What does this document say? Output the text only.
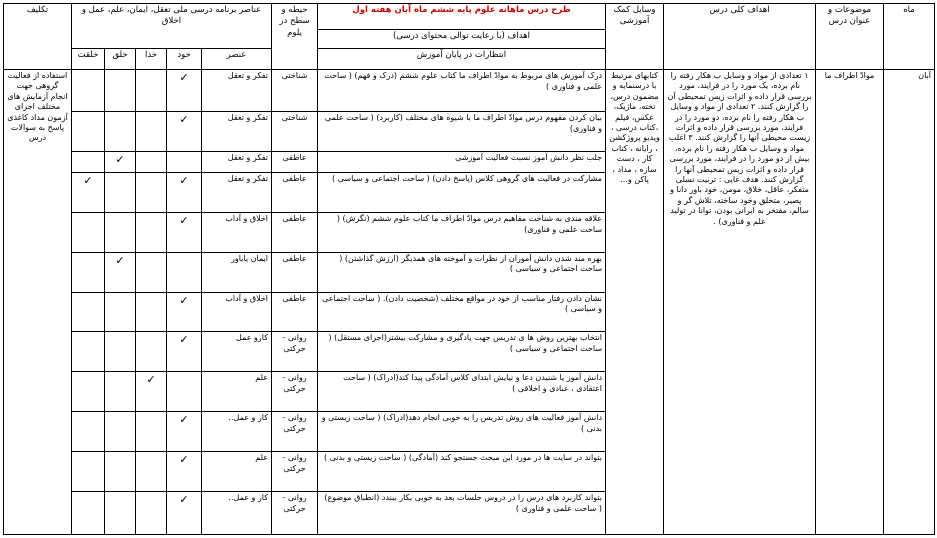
ماه	موضوعات و عنوان درس	اهداف کلی درس	وسایل کمک آموزشی	طرح درس ماهانه علوم پایه ششم ماه آبان هفته اول	حیطه و سطح در یلوم	عناصر برنامه درسی ملی تعقل، ایمان، علم، عمل و اخلاق					تکلیف
				اهداف (با رعایت توالی محتوای درسی)							
				انتظارات در پایان آموزش		عنصر	خود	خدا	خلق	خلقت	
آبان	موادّ اطراف ما	۱ تعدادی از مواد و وسایل ب هکار رفته را نام برده، یک مورد را در فرایند، مورد بررسی قرار داده و اثرات زیس تمحیطی آن را گزارش کنند. ۲ تعدادی از مواد و وسایل ب هکار رفته را نام برده، دو مورد را در فرایند، مورد بررسی قرار داده و اثرات زیست محیطی آنها را گزارش کنند. ۳ اغلب مواد و وسایل ب هکار رفته را نام برده، بیش از دو مورد را در فرایند، مورد بررسی قرار داده و اثرات زیس تمحیطی آنها را گزارش کنند. هدف غایی : تربیت نسلی متفکر، عاقل، خلاق، مومن، خود باور دانا و پصیر، متخلق وخود ساخته، تلاش گر و سالم، مفتخر به ایرانی بودن، توانا در تولید علم و فناوری) .	کتابهای مرتبط با درسنمایه و مضمون درس، تخته، ماژیک، عکس، فیلم ،کتاب درسی ، ویدیو پروژکشن ، رایانه ، کتاب کار ، دست سازه ، مداد ، پاکن و...	درک آموزش های مربوط به موادّ اطراف ما کتاب علوم ششم (درک و فهم) ( ساحت علمی و فناوری )	شناختی	تفکر و تعقل	✓				استفاده از فعالیت گروهی جهت انجام آزمایش های مختلف اجرای آزمون مداد کاغذی پاسخ به سوالات درس
				بیان کردن مفهوم درس موادّ اطراف ما با شیوه های مختلف (کاربرد) ( ساحت علمی و فناوری)	شناختی	تفکر و تعقل	✓				
				جلب نظر دانش آموز نسبت فعالیت آموزشی	عاطفی	تفکر و تعقل			✓		
				مشارکت در فعالیت های گروهی کلاس (پاسخ دادن) ( ساحت اجتماعی و سیاسی )	عاطفی	تفکر و تعقل	✓			✓	
				علاقه مندی به شناخت مفاهیم درس موادّ اطراف ما کتاب علوم ششم (نگرش) ( ساحت علمی و فناوری)	عاطفی	اخلاق و آداب	✓				
				بهره مند شدن دانش آموزان از نظرات و آموخته های همدیگر (ارزش گذاشتن) ( ساحت اجتماعی و سیاسی )	عاطفی	ایمان یاباور			✓		
				نشان دادن رفتار مناسب از خود در مواقع مختلف (شخصیت دادن). ( ساحت اجتماعی و سیاسی )	عاطفی	اخلاق و آداب	✓				
				انتخاب بهترین روش ها ی تدریس جهت یادگیری و مشارکت بیشتر(اجرای مستقل) ( ساحت اجتماعی و سیاسی )	روانی - حرکتی	کارو عمل	✓				
				دانش آموز یا شنیدن دعا و نیایش ابتدای کلاس آمادگی پیدا کند(ادراک) ( ساحت اعتقادی ، عبادی و اخلاقی )	روانی - حرکتی	علم		✓			
				دانش آموز فعالیت های روش تدریس را به خوبی انجام دهد(ادراک) ( ساحت زیستی و بدنی )	روانی - حرکتی	کار و عمل..	✓				
				بتواند در سایت ها در مورد این مبحث جستجو کند (آمادگی) ( ساحت زیستی و بدنی )	روانی - حرکتی	علم	✓				
				بتواند کاربرد های درس را در دروس جلسات بعد به خوبی بکار ببندد (انطباق موضوع) ( ساحت علمی و فناوری )	روانی - حرکتی	کار و عمل..	✓				
